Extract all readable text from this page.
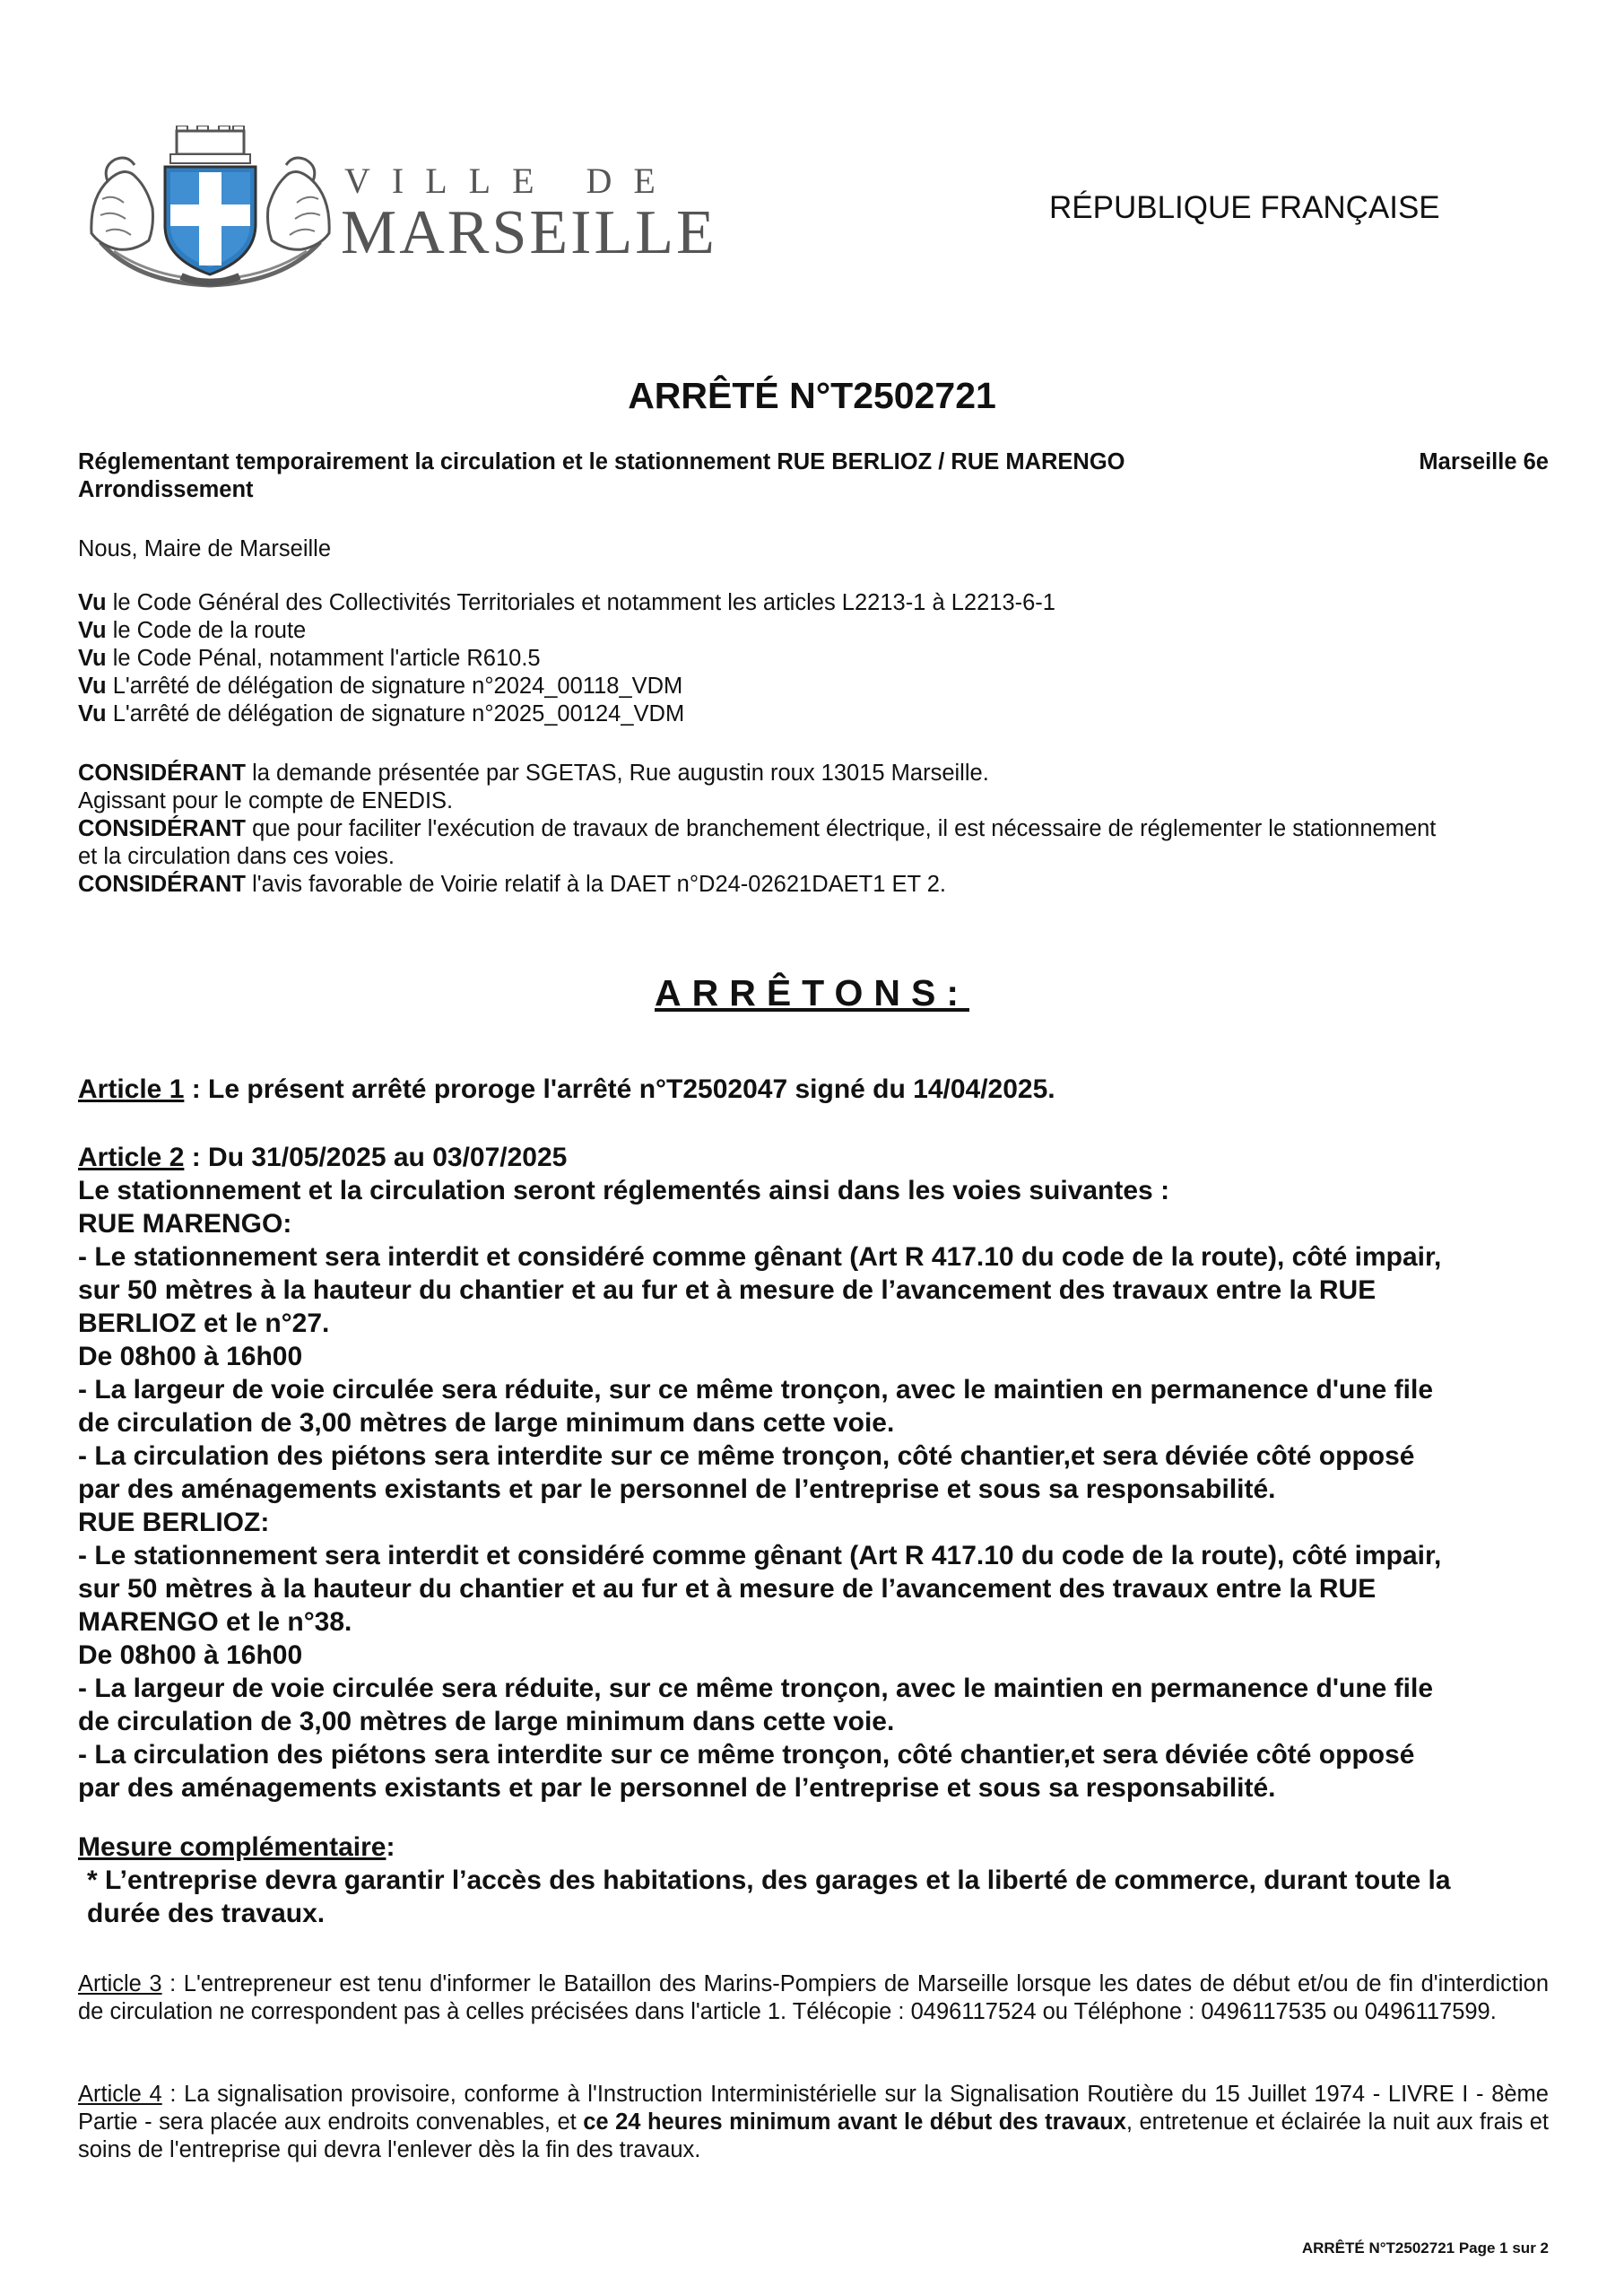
VILLE DE
MARSEILLE	RÉPUBLIQUE FRANÇAISE
ARRÊTÉ N°T2502721
Réglementant temporairement la circulation et le stationnement RUE BERLIOZ / RUE MARENGO	Marseille 6e
Arrondissement
Nous, Maire de Marseille
Vu le Code Général des Collectivités Territoriales et notamment les articles L2213-1 à L2213-6-1
Vu le Code de la route
Vu le Code Pénal, notamment l'article R610.5
Vu L'arrêté de délégation de signature n°2024_00118_VDM
Vu L'arrêté de délégation de signature n°2025_00124_VDM
CONSIDÉRANT la demande présentée par SGETAS, Rue augustin roux 13015 Marseille.
Agissant pour le compte de ENEDIS.
CONSIDÉRANT que pour faciliter l'exécution de travaux de branchement électrique, il est nécessaire de réglementer le stationnement
et la circulation dans ces voies.
CONSIDÉRANT l'avis favorable de Voirie relatif à la DAET n°D24-02621DAET1 ET 2.
ARRÊTONS:
Article 1 : Le présent arrêté proroge l'arrêté n°T2502047 signé du 14/04/2025.
Article 2 : Du 31/05/2025 au 03/07/2025
Le stationnement et la circulation seront réglementés ainsi dans les voies suivantes :
RUE MARENGO:
- Le stationnement sera interdit et considéré comme gênant (Art R 417.10 du code de la route), côté impair,
sur 50 mètres à la hauteur du chantier et au fur et à mesure de l’avancement des travaux entre la RUE
BERLIOZ et le n°27.
De 08h00 à 16h00
- La largeur de voie circulée sera réduite, sur ce même tronçon, avec le maintien en permanence d'une file
de circulation de 3,00 mètres de large minimum dans cette voie.
- La circulation des piétons sera interdite sur ce même tronçon, côté chantier,et sera déviée côté opposé
par des aménagements existants et par le personnel de l’entreprise et sous sa responsabilité.
RUE BERLIOZ:
- Le stationnement sera interdit et considéré comme gênant (Art R 417.10 du code de la route), côté impair,
sur 50 mètres à la hauteur du chantier et au fur et à mesure de l’avancement des travaux entre la RUE
MARENGO et le n°38.
De 08h00 à 16h00
- La largeur de voie circulée sera réduite, sur ce même tronçon, avec le maintien en permanence d'une file
de circulation de 3,00 mètres de large minimum dans cette voie.
- La circulation des piétons sera interdite sur ce même tronçon, côté chantier,et sera déviée côté opposé
par des aménagements existants et par le personnel de l’entreprise et sous sa responsabilité.
Mesure complémentaire:
* L’entreprise devra garantir l’accès des habitations, des garages et la liberté de commerce, durant toute la
durée des travaux.
Article 3 : L'entrepreneur est tenu d'informer le Bataillon des Marins-Pompiers de Marseille lorsque les dates de début et/ou de fin d'interdiction de circulation ne correspondent pas à celles précisées dans l'article 1. Télécopie : 0496117524 ou Téléphone : 0496117535 ou 0496117599.
Article 4 : La signalisation provisoire, conforme à l'Instruction Interministérielle sur la Signalisation Routière du 15 Juillet 1974 - LIVRE I - 8ème Partie - sera placée aux endroits convenables, et ce 24 heures minimum avant le début des travaux, entretenue et éclairée la nuit aux frais et soins de l'entreprise qui devra l'enlever dès la fin des travaux.
ARRÊTÉ N°T2502721 Page 1 sur 2
